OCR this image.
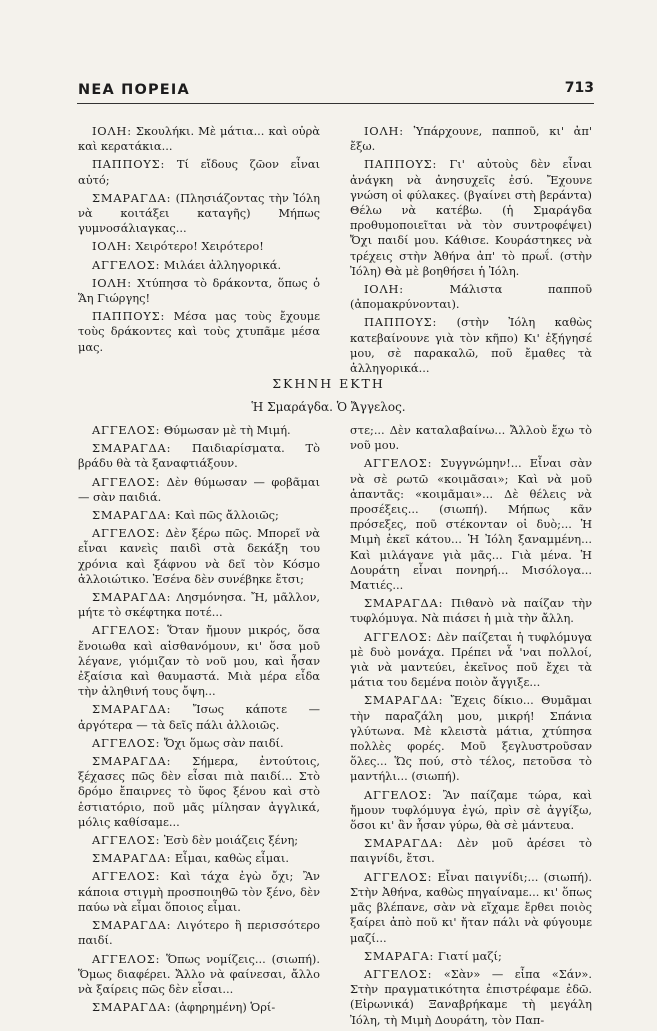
ΝΕΑ ΠΟΡΕΙΑ	713

ΙΟΛΗ: Σκουλήκι. Μὲ μάτια... καὶ οὐρὰ καὶ κερατάκια...

ΠΑΠΠΟΥΣ: Τί εἴδους ζῶον εἶναι αὐτό;

ΣΜΑΡΑΓΔΑ: (Πλησιάζοντας τὴν Ἰόλη νὰ κοιτάξει καταγῆς) Μήπως γυμνοσάλιαγκας...

ΙΟΛΗ: Χειρότερο! Χειρότερο!

ΑΓΓΕΛΟΣ: Μιλάει ἀλληγορικά.

ΙΟΛΗ: Χτύπησα τὸ δράκοντα, ὅπως ὁ Ἅη Γιώργης!

ΠΑΠΠΟΥΣ: Μέσα μας τοὺς ἔχουμε τοὺς δράκοντες καὶ τοὺς χτυπᾶμε μέσα μας.

ΙΟΛΗ: Ὑπάρχουνε, παπποῦ, κι' ἀπ' ἔξω.

ΠΑΠΠΟΥΣ: Γι' αὐτοὺς δὲν εἶναι ἀνάγκη νὰ ἀνησυχεῖς ἐσύ. Ἔχουνε γνώση οἱ φύλακες. (βγαίνει στὴ βεράντα) Θέλω νὰ κατέβω. (ἡ Σμαράγδα προθυμοποιεῖται νὰ τὸν συντροφέψει) Ὄχι παιδί μου. Κάθισε. Κουράστηκες νὰ τρέχεις στὴν Ἀθήνα ἀπ' τὸ πρωΐ. (στὴν Ἰόλη) Θὰ μὲ βοηθήσει ἡ Ἰόλη.

ΙΟΛΗ:	Μάλιστα παπποῦ (ἀπομακρύνονται).

ΠΑΠΠΟΥΣ: (στὴν Ἰόλη καθὼς κατεβαίνουνε γιὰ τὸν κῆπο) Κι' ἐξήγησέ μου, σὲ παρακαλῶ, ποῦ ἔμαθες τὰ ἀλληγορικά...

ΣΚΗΝΗ ΕΚΤΗ
Ἡ Σμαράγδα. Ὁ Ἄγγελος.

ΑΓΓΕΛΟΣ: Θύμωσαν μὲ τὴ Μιμή.

ΣΜΑΡΑΓΔΑ: Παιδιαρίσματα. Τὸ βράδυ θὰ τὰ ξαναφτιάξουν.

ΑΓΓΕΛΟΣ: Δὲν θύμωσαν — φοβᾶμαι — σὰν παιδιά.

ΣΜΑΡΑΓΔΑ: Καὶ πῶς ἄλλοιῶς;

ΑΓΓΕΛΟΣ: Δὲν ξέρω πῶς. Μπορεῖ νὰ εἶναι κανεὶς παιδὶ στὰ δεκάξη του χρόνια καὶ ξάφνου νὰ δεῖ τὸν Κόσμο ἀλλοιώτικο. Ἐσένα δὲν συνέβηκε ἔτσι;

ΣΜΑΡΑΓΔΑ: Λησμόνησα. Ἤ, μᾶλλον, μήτε τὸ σκέφτηκα ποτέ...

ΑΓΓΕΛΟΣ: Ὅταν ἤμουν μικρός, ὅσα ἔνοιωθα καὶ αἰσθανόμουν, κι' ὅσα μοῦ λέγανε, γιόμιζαν τὸ νοῦ μου, καὶ ἦσαν ἐξαίσια καὶ θαυμαστά. Μιὰ μέρα εἶδα τὴν ἀληθινή τους ὄψη...

ΣΜΑΡΑΓΔΑ: Ἴσως κάποτε — ἀργότερα — τὰ δεῖς πάλι ἀλλοιῶς.

ΑΓΓΕΛΟΣ: Ὄχι ὅμως σὰν παιδί.

ΣΜΑΡΑΓΔΑ: Σήμερα, ἐντούτοις, ξέχασες πῶς δὲν εἶσαι πιὰ παιδί... Στὸ δρόμο ἔπαιρνες τὸ ὕφος ξένου καὶ στὸ ἑστιατόριο, ποῦ μᾶς μίλησαν ἀγγλικά, μόλις καθίσαμε...

ΑΓΓΕΛΟΣ: Ἐσὺ δὲν μοιάζεις ξένη;

ΣΜΑΡΑΓΔΑ: Εἶμαι, καθὼς εἶμαι.

ΑΓΓΕΛΟΣ: Καὶ τάχα ἐγὼ ὄχι; Ἂν κάποια στιγμὴ προσποιηθῶ τὸν ξένο, δὲν παύω νὰ εἶμαι ὅποιος εἶμαι.

ΣΜΑΡΑΓΔΑ: Λιγότερο ἢ περισσότερο παιδί.

ΑΓΓΕΛΟΣ: Ὅπως νομίζεις... (σιωπή). Ὅμως διαφέρει. Ἄλλο νὰ φαίνεσαι, ἄλλο νὰ ξαίρεις πῶς δὲν εἶσαι...

ΣΜΑΡΑΓΔΑ: (ἀφηρημένη) Ὁρί-

στε;... Δὲν καταλαβαίνω... Ἄλλοὺ ἔχω τὸ νοῦ μου.

ΑΓΓΕΛΟΣ: Συγγνώμην!... Εἶναι σὰν νὰ σὲ ρωτῶ «κοιμᾶσαι»; Καὶ νὰ μοῦ ἀπαντᾶς: «κοιμᾶμαι»... Δὲ θέλεις νὰ προσέξεις... (σιωπή). Μήπως κᾶν πρόσεξες, ποῦ στέκονταν οἱ δυὸ;... Ἡ Μιμὴ ἐκεῖ κάτου... Ἡ Ἰόλη ξαναμμένη... Καὶ μιλάγανε γιὰ μᾶς... Γιὰ μένα. Ἡ Δουράτη εἶναι πονηρή... Μισόλογα... Ματιές...

ΣΜΑΡΑΓΔΑ: Πιθανὸ νὰ παίζαν τὴν τυφλόμυγα. Νὰ πιάσει ἡ μιὰ τὴν ἄλλη.

ΑΓΓΕΛΟΣ: Δὲν παίζεται ἡ τυφλόμυγα μὲ δυὸ μονάχα. Πρέπει νἆ 'ναι πολλοί, γιὰ νὰ μαντεύει, ἐκεῖνος ποῦ ἔχει τὰ μάτια του δεμένα ποιὸν ἄγγιξε...

ΣΜΑΡΑΓΔΑ: Ἔχεις δίκιο... Θυμᾶμαι τὴν παραζάλη μου, μικρή! Σπάνια γλύτωνα. Μὲ κλειστὰ μάτια, χτύπησα πολλὲς φορές. Μοῦ ξεγλυστροῦσαν ὅλες... Ὥς πού, στὸ τέλος, πετοῦσα τὸ μαντήλι... (σιωπή).

ΑΓΓΕΛΟΣ: Ἂν παίζαμε τώρα, καὶ ἤμουν τυφλόμυγα ἐγώ, πρὶν σὲ ἀγγίξω, ὅσοι κι' ἂν ἦσαν γύρω, θὰ σὲ μάντευα.

ΣΜΑΡΑΓΔΑ: Δὲν μοῦ ἀρέσει τὸ παιγνίδι, ἔτσι.

ΑΓΓΕΛΟΣ: Εἶναι παιγνίδι;... (σιωπή). Στὴν Ἀθήνα, καθὼς πηγαίναμε... κι' ὅπως μᾶς βλέπανε, σὰν νὰ εἴχαμε ἔρθει ποιὸς ξαίρει ἀπὸ ποῦ κι' ἤταν πάλι νὰ φύγουμε μαζί...

ΣΜΑΡΑΓΑ: Γιατί μαζί;

ΑΓΓΕΛΟΣ: «Σὰν» — εἶπα «Σάν». Στὴν πραγματικότητα ἐπιστρέφαμε ἐδῶ. (Εἰρωνικά) Ξαναβρήκαμε τὴ μεγάλη Ἰόλη, τὴ Μιμὴ Δουράτη, τὸν Παπ-
